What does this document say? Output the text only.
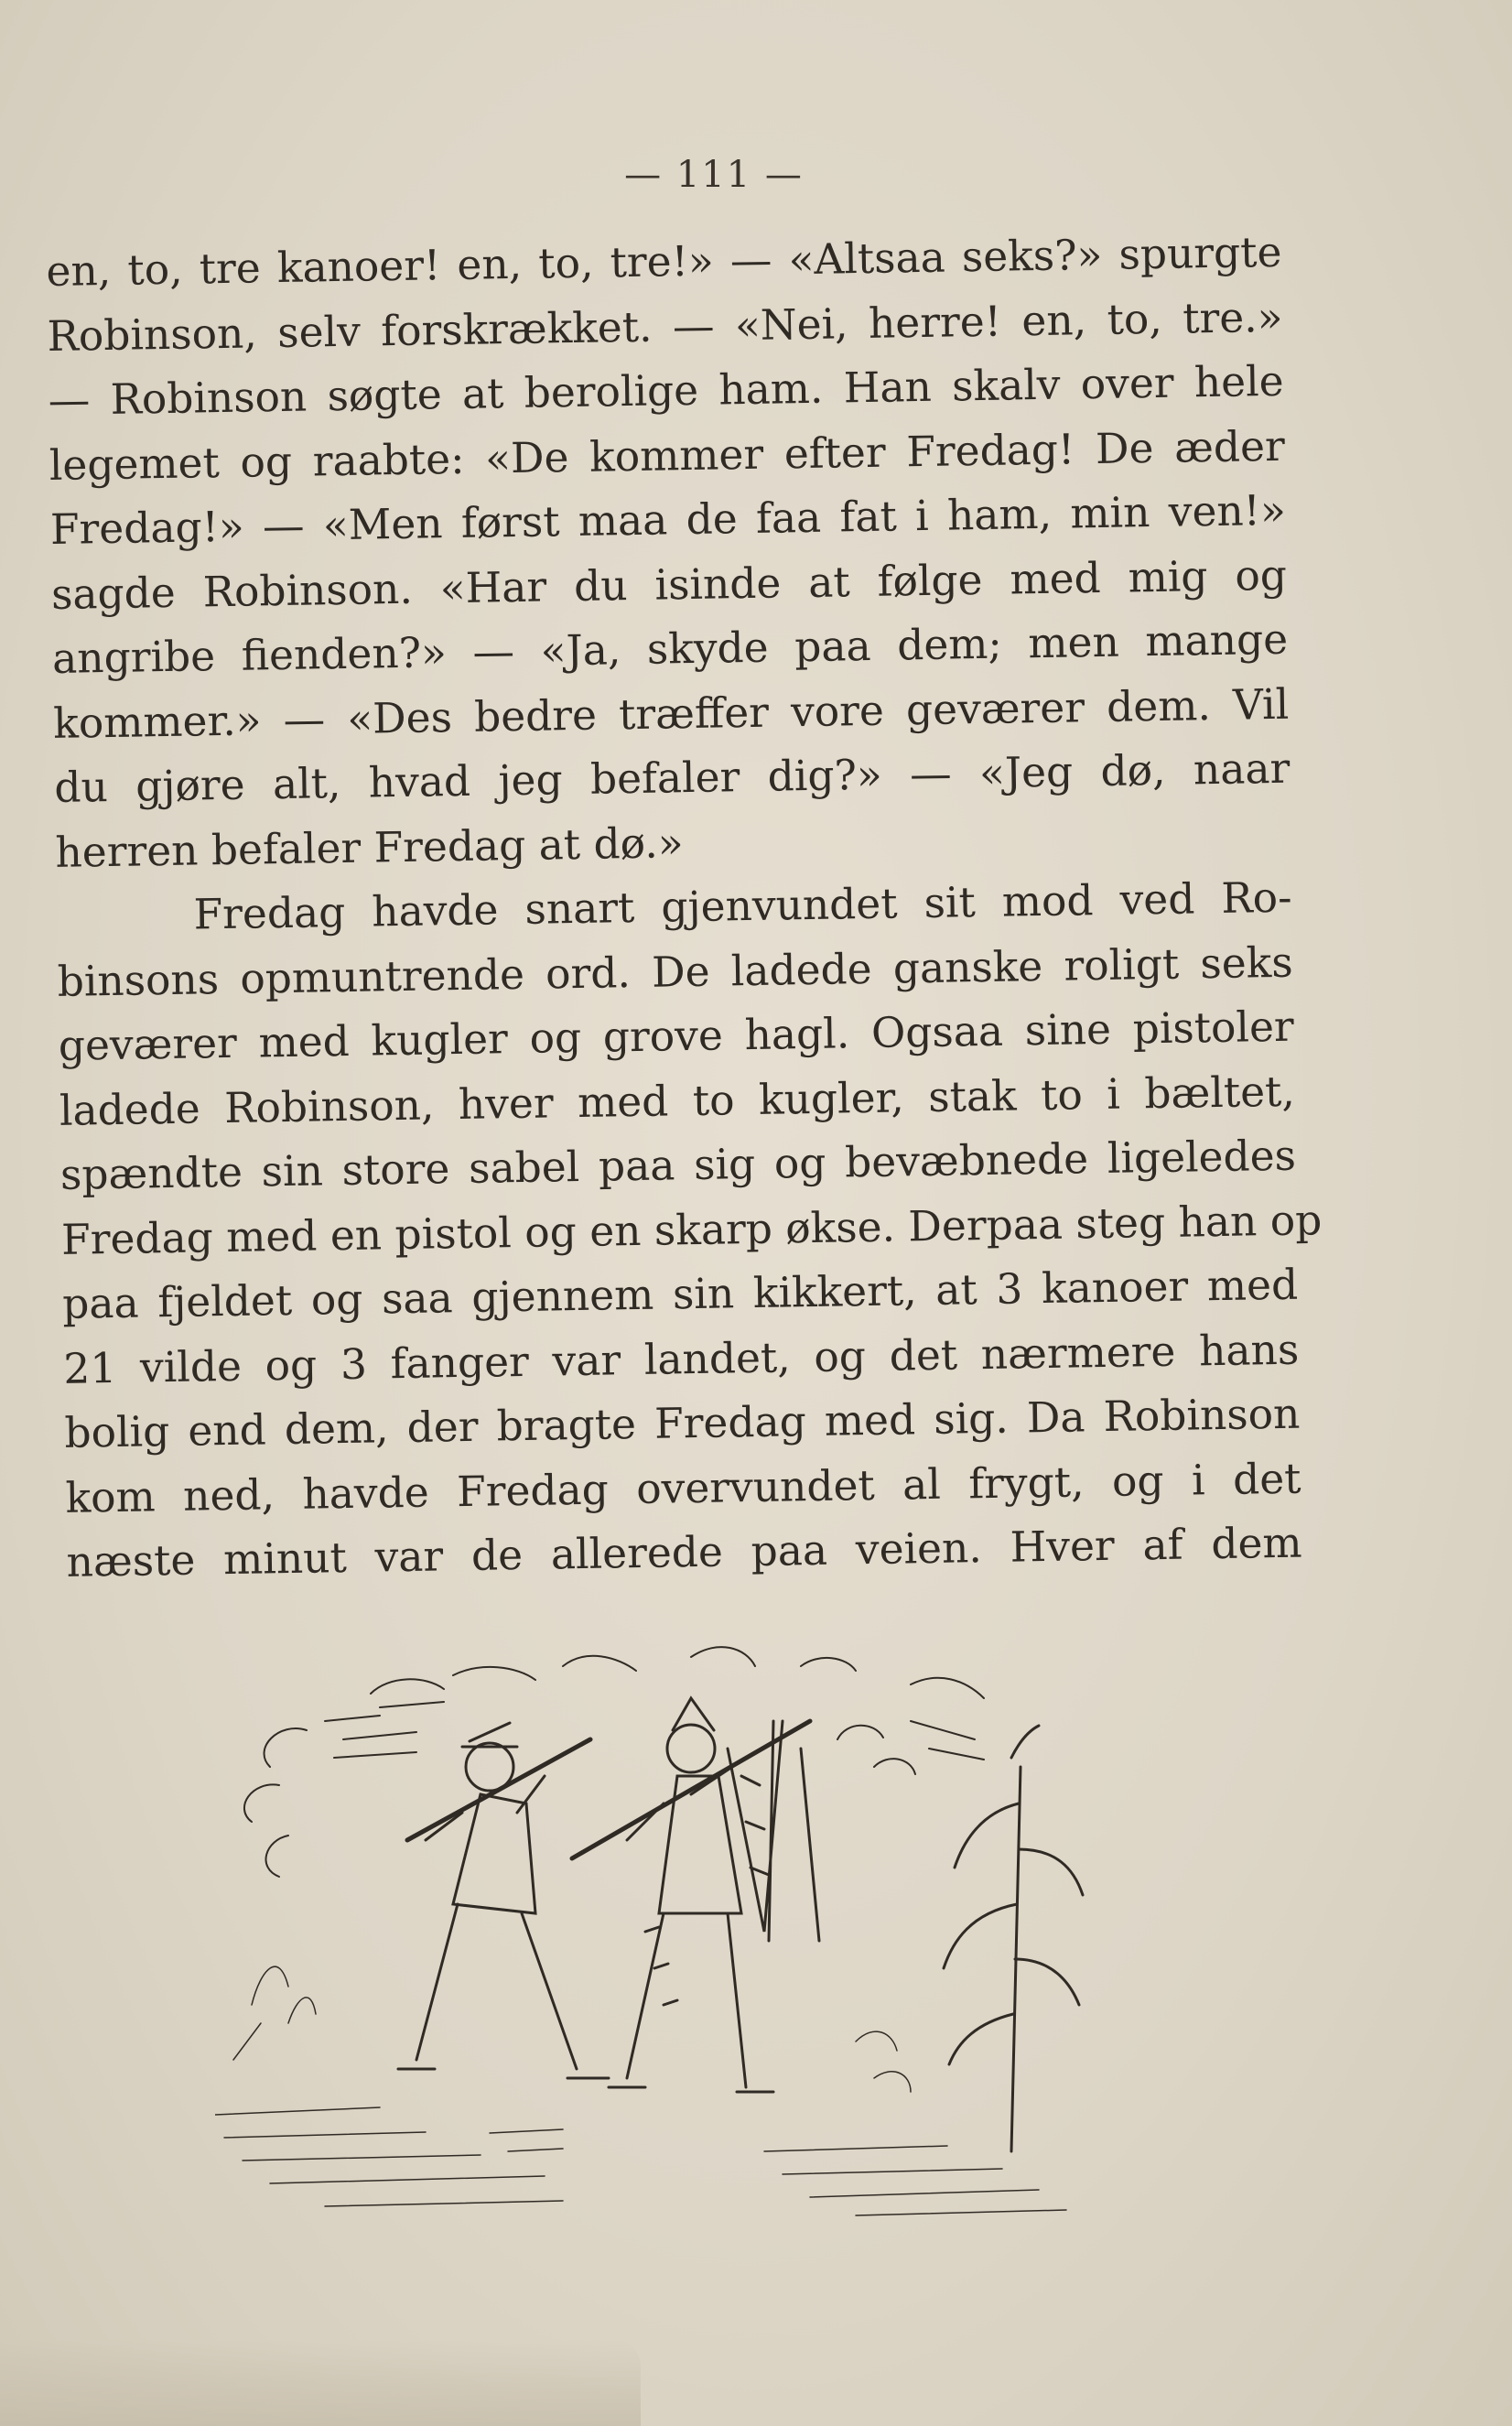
— 111 —
en, to, tre kanoer! en, to, tre!» — «Altsaa seks?» spurgte
Robinson, selv forskrækket. — «Nei, herre! en, to, tre.»
— Robinson søgte at berolige ham. Han skalv over hele
legemet og raabte: «De kommer efter Fredag! De æder
Fredag!» — «Men først maa de faa fat i ham, min ven!»
sagde Robinson. «Har du isinde at følge med mig og
angribe fienden?» — «Ja, skyde paa dem; men mange
kommer.» — «Des bedre træffer vore geværer dem. Vil
du gjøre alt, hvad jeg befaler dig?» — «Jeg dø, naar
herren befaler Fredag at dø.»
Fredag havde snart gjenvundet sit mod ved Ro-
binsons opmuntrende ord. De ladede ganske roligt seks
geværer med kugler og grove hagl. Ogsaa sine pistoler
ladede Robinson, hver med to kugler, stak to i bæltet,
spændte sin store sabel paa sig og bevæbnede ligeledes
Fredag med en pistol og en skarp økse. Derpaa steg han op
paa fjeldet og saa gjennem sin kikkert, at 3 kanoer med
21 vilde og 3 fanger var landet, og det nærmere hans
bolig end dem, der bragte Fredag med sig. Da Robinson
kom ned, havde Fredag overvundet al frygt, og i det
næste minut var de allerede paa veien. Hver af dem
